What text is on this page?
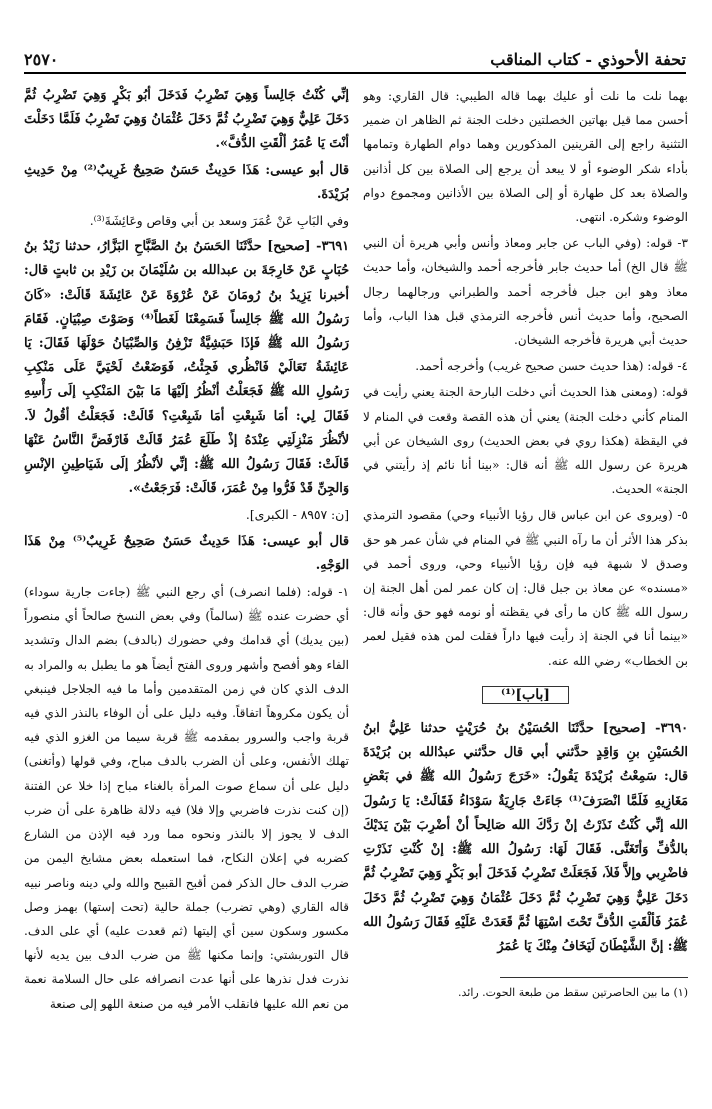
تحفة الأحوذي - كتاب المناقب
٢٥٧٠

بهما نلت ما نلت أو عليك بهما قاله الطيبي: قال القاري: وهو أحسن مما قيل بهاتين الخصلتين دخلت الجنة ثم الظاهر ان ضمير التثنية راجع إلى القرينين المذكورين وهما دوام الطهارة وتمامها بأداء شكر الوضوء أو لا يبعد أن يرجع إلى الصلاة بين كل أذانين والصلاة بعد كل طهارة أو إلى الصلاة بين الأذانين ومجموع دوام الوضوء وشكره. انتهى.

٣- قوله: (وفي الباب عن جابر ومعاذ وأنس وأبي هريرة أن النبي ﷺ قال الخ) أما حديث جابر فأخرجه أحمد والشيخان، وأما حديث معاذ وهو ابن جبل فأخرجه أحمد والطبراني ورجالهما رجال الصحيح، وأما حديث أنس فأخرجه الترمذي قبل هذا الباب، وأما حديث أبي هريرة فأخرجه الشيخان.

٤- قوله: (هذا حديث حسن صحيح غريب) وأخرجه أحمد.

قوله: (ومعنى هذا الحديث أني دخلت البارحة الجنة يعني رأيت في المنام كأني دخلت الجنة) يعني أن هذه القصة وقعت في المنام لا في اليقظة (هكذا روي في بعض الحديث) روى الشيخان عن أبي هريرة عن رسول الله ﷺ أنه قال: «بينا أنا نائم إذ رأيتني في الجنة» الحديث.

٥- (ويروى عن ابن عباس قال رؤيا الأنبياء وحي) مقصود الترمذي بذكر هذا الأثر أن ما رآه النبي ﷺ في المنام في شأن عمر هو حق وصدق لا شبهة فيه فإن رؤيا الأنبياء وحي، وروى أحمد في «مسنده» عن معاذ بن جبل قال: إن كان عمر لمن أهل الجنة إن رسول الله ﷺ كان ما رأى في يقظته أو نومه فهو حق وأنه قال: «بينما أنا في الجنة إذ رأيت فيها داراً فقلت لمن هذه فقيل لعمر بن الخطاب» رضي الله عنه.

[باب]⁽¹⁾

٣٦٩٠- [صحيح] حدَّثَنَا الحُسَيْنُ بنُ حُرَيْثٍ حدثنا عَلِيُّ ابنُ الحُسَيْنِ بنِ وَاقِدٍ حدَّثني أبي قال حدَّثني عبدُالله بن بُرَيْدَةَ قال: سَمِعْتُ بُرَيْدَةَ يَقُولُ: «خَرَجَ رَسُولُ الله ﷺ في بَعْضِ مَغَازِيهِ فَلَمَّا انْصَرَفَ⁽¹⁾ جَاءَتْ جَارِيَةٌ سَوْدَاءُ فَقَالَتْ: يَا رَسُولَ الله إنِّي كُنْتُ نَذَرْتُ إنْ رَدَّكَ الله صَالِحاً أنْ أضْرِبَ بَيْنَ يَدَيْكَ بالدُّفِّ وَأتَغَنَّى. فَقَالَ لَهَا: رَسُولُ الله ﷺ: إنْ كُنْتِ نَذَرْتِ فاضْرِبي وإلاَّ فَلاَ، فَجَعَلَتْ تَضْرِبُ فَدَخَلَ أبو بَكْرٍ وَهِيَ تَضْرِبُ ثُمَّ دَخَلَ عَلِيٌّ وَهِيَ تَضْرِبُ ثُمَّ دَخَلَ عُثْمَانُ وَهِيَ تَضْرِبُ ثُمَّ دَخَلَ عُمَرُ فَألْقَتِ الدُّفَّ تَحْتَ اسْتِهَا ثُمَّ قَعَدَتْ عَلَيْهِ فَقَالَ رَسُولُ الله ﷺ: إنَّ الشَّيْطَانَ لَيَخَافُ مِنْكَ يَا عُمَرُ

(١) ما بين الحاصرتين سقط من طبعة الحوت. رائد.

إنِّي كُنْتُ جَالِساً وَهِيَ تَضْرِبُ فَدَخَلَ أبُو بَكْرٍ وَهِيَ تَضْرِبُ ثُمَّ دَخَلَ عَلِيٌّ وَهِيَ تَضْرِبُ ثُمَّ دَخَلَ عُثْمَانُ وَهِيَ تَضْرِبُ فَلَمَّا دَخَلْتَ أنْتَ يَا عُمَرُ ألْقَتِ الدُّفَّ».

قال أبو عيسى: هَذَا حَدِيثٌ حَسَنٌ صَحِيحٌ غَرِيبٌ⁽²⁾ مِنْ حَدِيثِ بُرَيْدَةَ.

وفي البَابِ عَنْ عُمَرَ وسعد بن أبي وقاص وعَائِشَةَ⁽³⁾.

٣٦٩١- [صحيح] حدَّثَنَا الحَسَنُ بنُ الصَّبَّاحِ البَزَّارُ، حدثنا زَيْدُ بنُ حُبَابٍ عَنْ خَارِجَةَ بن عبدالله بن سُلَيْمَانَ بن زَيْدِ بن ثابتٍ قال: أخبرنا يَزِيدُ بنُ رُومَانَ عَنْ عُرْوَةَ عَنْ عَائِشَةَ قَالَتْ: «كَانَ رَسُولُ الله ﷺ جَالِساً فَسَمِعْنَا لَغَطاً⁽⁴⁾ وَصَوْتَ صِبْيَانٍ. فَقَامَ رَسُولُ الله ﷺ فَإذَا حَبَشِيَّةٌ تَزْفِنُ وَالصِّبْيَانُ حَوْلَهَا فَقَالَ: يَا عَائِشَةُ تَعَالَيْ فَانْظُري فَجِئْتُ، فَوَضَعْتُ لَحْيَيَّ عَلَى مَنْكِبِ رَسُولِ الله ﷺ فَجَعَلْتُ أنْظُرُ إلَيْهَا مَا بَيْنَ المَنْكِبِ إلَى رَأْسِهِ فَقَالَ لِي: أمَا شَبِعْتِ أمَا شَبِعْتِ؟ قَالَتْ: فَجَعَلْتُ أقُولُ لاَ. لأنْظُرَ مَنْزِلَتِي عِنْدَهُ إذْ طَلَعَ عُمَرُ قَالَتْ فَارْفَضَّ النَّاسُ عَنْهَا قَالَتْ: فَقَالَ رَسُولُ الله ﷺ: إنِّي لأنْظُرُ إلَى شَيَاطِينِ الإنْسِ وَالجِنِّ قَدْ فَرُّوا مِنْ عُمَرَ، قَالَتْ: فَرَجَعْتُ».

[ن: ٨٩٥٧ - الكبرى].

قال أبو عيسى: هَذَا حَدِيثٌ حَسَنٌ صَحِيحٌ غَرِيبٌ⁽⁵⁾ مِنْ هَذَا الوَجْهِ.

١- قوله: (فلما انصرف) أي رجع النبي ﷺ (جاءت جارية سوداء) أي حضرت عنده ﷺ (سالماً) وفي بعض النسخ صالحاً أي منصوراً (بين يديك) أي قدامك وفي حضورك (بالدف) بضم الدال وتشديد الفاء وهو أفصح وأشهر وروى الفتح أيضاً هو ما يطبل به والمراد به الدف الذي كان في زمن المتقدمين وأما ما فيه الجلاجل فينبغي أن يكون مكروهاً اتفاقاً. وفيه دليل على أن الوفاء بالنذر الذي فيه قربة واجب والسرور بمقدمه ﷺ قربة سيما من الغزو الذي فيه تهلك الأنفس، وعلى أن الضرب بالدف مباح، وفي قولها (وأتغنى) دليل على أن سماع صوت المرأة بالغناء مباح إذا خلا عن الفتنة (إن كنت نذرت فاضربي وإلا فلا) فيه دلالة ظاهرة على أن ضرب الدف لا يجوز إلا بالنذر ونحوه مما ورد فيه الإذن من الشارع كضربه في إعلان النكاح، فما استعمله بعض مشايخ اليمن من ضرب الدف حال الذكر فمن أقبح القبيح والله ولي دينه وناصر نبيه قاله القاري (وهي تضرب) جملة حالية (تحت إستها) بهمز وصل مكسور وسكون سين أي إليتها (ثم قعدت عليه) أي على الدف. قال التوربشتي: وإنما مكنها ﷺ من ضرب الدف بين يديه لأنها نذرت فدل نذرها على أنها عدت انصرافه على حال السلامة نعمة من نعم الله عليها فانقلب الأمر فيه من صنعة اللهو إلى صنعة
